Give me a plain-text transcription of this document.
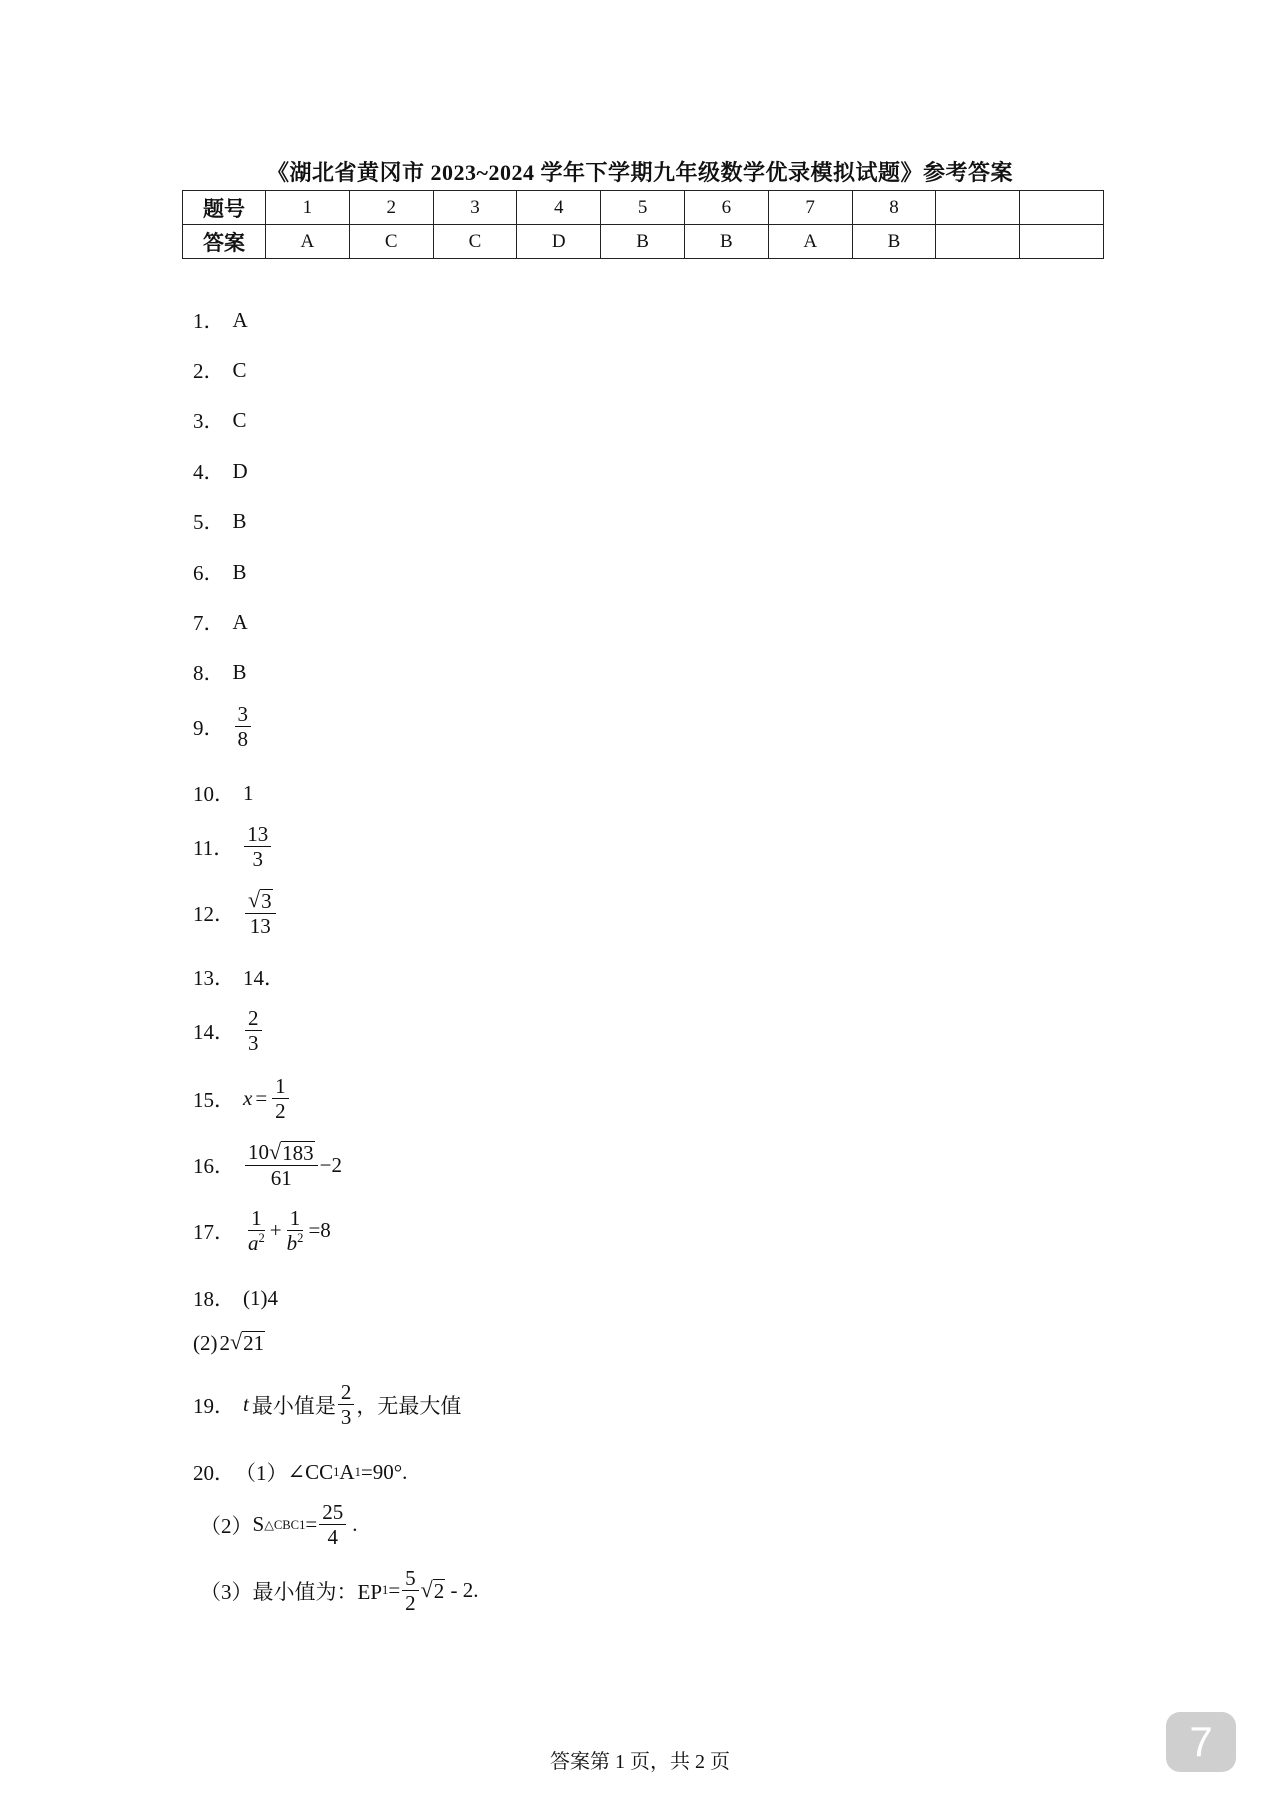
《湖北省黄冈市 2023~2024 学年下学期九年级数学优录模拟试题》参考答案
题号	1	2	3	4	5	6	7	8		
答案	A	C	C	D	B	B	A	B		
1． A
2． C
3． C
4． D
5． B
6． B
7． A
8． B
9． $\frac{3}{8}$
10． 1
11． $\frac{13}{3}$
12． $\frac{√ 3}{13}$
13． 14．
14． $\frac{2}{3}$
15． $x = \frac{1}{2}$
16． $\frac{10 √ 183}{61} -2$
17． $\frac{1}{a^2} + \frac{1}{b^2} =8$
18． (1)4
(2) 2 √ 21
19． t 最小值是 $\frac{2}{3}$ ，无最大值
20． （1） ∠CC 1 A 1 =90°.
（2） S △CBC1 = $\frac{25}{4}$ .
（3） 最小值为：EP $1 = \frac{5}{2}$ √ 2 - 2.
答案第 1 页，共 2 页	7
